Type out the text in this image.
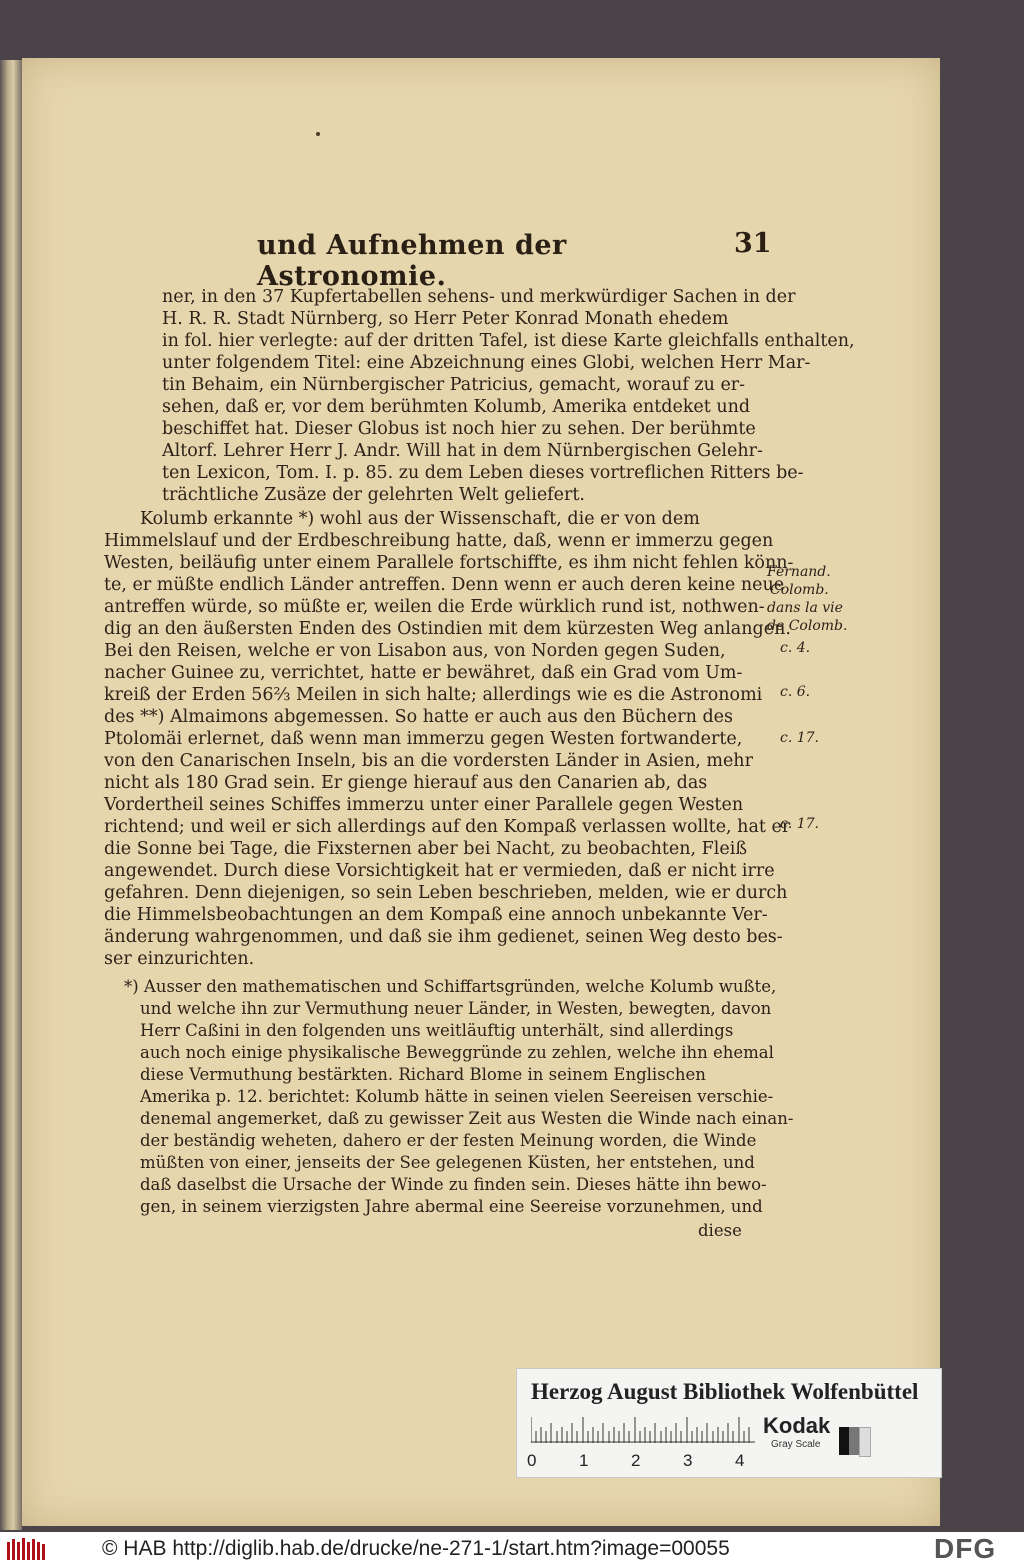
und Aufnehmen der Astronomie.
31
ner, in den 37 Kupfertabellen sehens- und merkwürdiger Sachen in der
H. R. R. Stadt Nürnberg, so Herr Peter Konrad Monath ehedem
in fol. hier verlegte: auf der dritten Tafel, ist diese Karte gleichfalls enthalten,
unter folgendem Titel: eine Abzeichnung eines Globi, welchen Herr Mar-
tin Behaim, ein Nürnbergischer Patricius, gemacht, worauf zu er-
sehen, daß er, vor dem berühmten Kolumb, Amerika entdeket und
beschiffet hat. Dieser Globus ist noch hier zu sehen. Der berühmte
Altorf. Lehrer Herr J. Andr. Will hat in dem Nürnbergischen Gelehr-
ten Lexicon, Tom. I. p. 85. zu dem Leben dieses vortreflichen Ritters be-
trächtliche Zusäze der gelehrten Welt geliefert.
Kolumb erkannte *) wohl aus der Wissenschaft, die er von dem
Himmelslauf und der Erdbeschreibung hatte, daß, wenn er immerzu gegen
Westen, beiläufig unter einem Parallele fortschiffte, es ihm nicht fehlen könn-
te, er müßte endlich Länder antreffen. Denn wenn er auch deren keine neue
antreffen würde, so müßte er, weilen die Erde würklich rund ist, nothwen-
dig an den äußersten Enden des Ostindien mit dem kürzesten Weg anlangen.
Bei den Reisen, welche er von Lisabon aus, von Norden gegen Suden,
nacher Guinee zu, verrichtet, hatte er bewähret, daß ein Grad vom Um-
kreiß der Erden 56⅔ Meilen in sich halte; allerdings wie es die Astronomi
des **) Almaimons abgemessen. So hatte er auch aus den Büchern des
Ptolomäi erlernet, daß wenn man immerzu gegen Westen fortwanderte,
von den Canarischen Inseln, bis an die vordersten Länder in Asien, mehr
nicht als 180 Grad sein. Er gienge hierauf aus den Canarien ab, das
Vordertheil seines Schiffes immerzu unter einer Parallele gegen Westen
richtend; und weil er sich allerdings auf den Kompaß verlassen wollte, hat er
die Sonne bei Tage, die Fixsternen aber bei Nacht, zu beobachten, Fleiß
angewendet. Durch diese Vorsichtigkeit hat er vermieden, daß er nicht irre
gefahren. Denn diejenigen, so sein Leben beschrieben, melden, wie er durch
die Himmelsbeobachtungen an dem Kompaß eine annoch unbekannte Ver-
änderung wahrgenommen, und daß sie ihm gedienet, seinen Weg desto bes-
ser einzurichten.
*) Ausser den mathematischen und Schiffartsgründen, welche Kolumb wußte,
und welche ihn zur Vermuthung neuer Länder, in Westen, bewegten, davon
Herr Caßini in den folgenden uns weitläuftig unterhält, sind allerdings
auch noch einige physikalische Beweggründe zu zehlen, welche ihn ehemal
diese Vermuthung bestärkten. Richard Blome in seinem Englischen
Amerika p. 12. berichtet: Kolumb hätte in seinen vielen Seereisen verschie-
denemal angemerket, daß zu gewisser Zeit aus Westen die Winde nach einan-
der beständig weheten, dahero er der festen Meinung worden, die Winde
müßten von einer, jenseits der See gelegenen Küsten, her entstehen, und
daß daselbst die Ursache der Winde zu finden sein. Dieses hätte ihn bewo-
gen, in seinem vierzigsten Jahre abermal eine Seereise vorzunehmen, und
diese
Fernand.
Colomb.
dans la vie
de Colomb.
c. 4.
c. 6.
c. 17.
c. 17.
Herzog August Bibliothek Wolfenbüttel
0	1	2	3	4
Kodak
Gray Scale
© HAB http://diglib.hab.de/drucke/ne-271-1/start.htm?image=00055	DFG
